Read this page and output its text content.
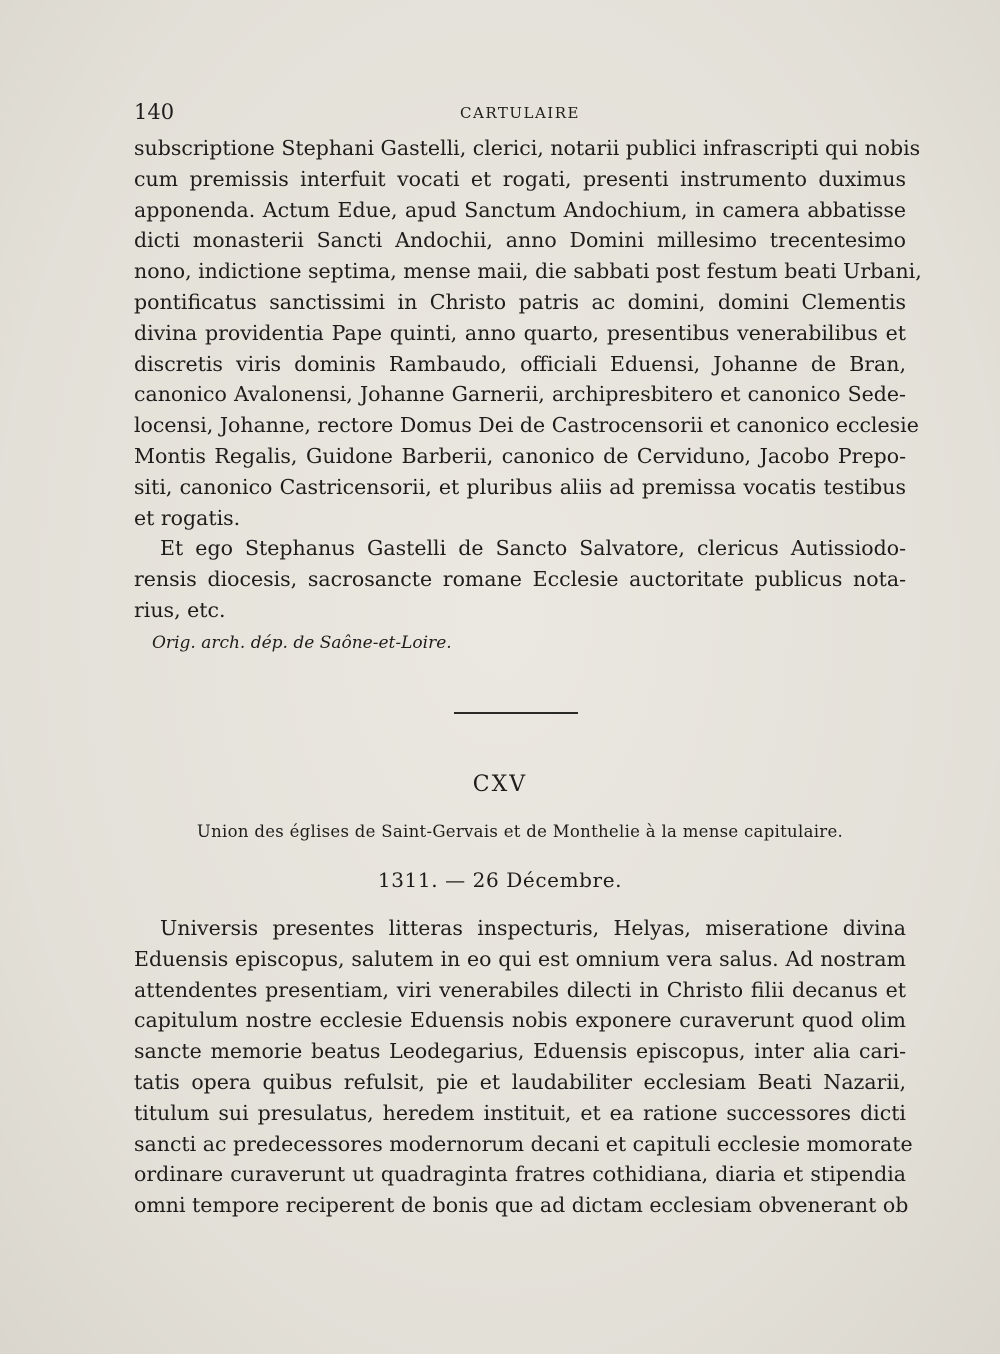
140	CARTULAIRE
subscriptione Stephani Gastelli, clerici, notarii publici infrascripti qui nobis
cum premissis interfuit vocati et rogati, presenti instrumento duximus
apponenda. Actum Edue, apud Sanctum Andochium, in camera abbatisse
dicti monasterii Sancti Andochii, anno Domini millesimo trecentesimo
nono, indictione septima, mense maii, die sabbati post festum beati Urbani,
pontificatus sanctissimi in Christo patris ac domini, domini Clementis
divina providentia Pape quinti, anno quarto, presentibus venerabilibus et
discretis viris dominis Rambaudo, officiali Eduensi, Johanne de Bran,
canonico Avalonensi, Johanne Garnerii, archipresbitero et canonico Sede-
locensi, Johanne, rectore Domus Dei de Castrocensorii et canonico ecclesie
Montis Regalis, Guidone Barberii, canonico de Cerviduno, Jacobo Prepo-
siti, canonico Castricensorii, et pluribus aliis ad premissa vocatis testibus
et rogatis.
Et ego Stephanus Gastelli de Sancto Salvatore, clericus Autissiodo-
rensis diocesis, sacrosancte romane Ecclesie auctoritate publicus nota-
rius, etc.
Orig. arch. dép. de Saône-et-Loire.
CXV
Union des églises de Saint-Gervais et de Monthelie à la mense capitulaire.
1311. — 26 Décembre.
Universis presentes litteras inspecturis, Helyas, miseratione divina
Eduensis episcopus, salutem in eo qui est omnium vera salus. Ad nostram
attendentes presentiam, viri venerabiles dilecti in Christo filii decanus et
capitulum nostre ecclesie Eduensis nobis exponere curaverunt quod olim
sancte memorie beatus Leodegarius, Eduensis episcopus, inter alia cari-
tatis opera quibus refulsit, pie et laudabiliter ecclesiam Beati Nazarii,
titulum sui presulatus, heredem instituit, et ea ratione successores dicti
sancti ac predecessores modernorum decani et capituli ecclesie momorate
ordinare curaverunt ut quadraginta fratres cothidiana, diaria et stipendia
omni tempore reciperent de bonis que ad dictam ecclesiam obvenerant ob
